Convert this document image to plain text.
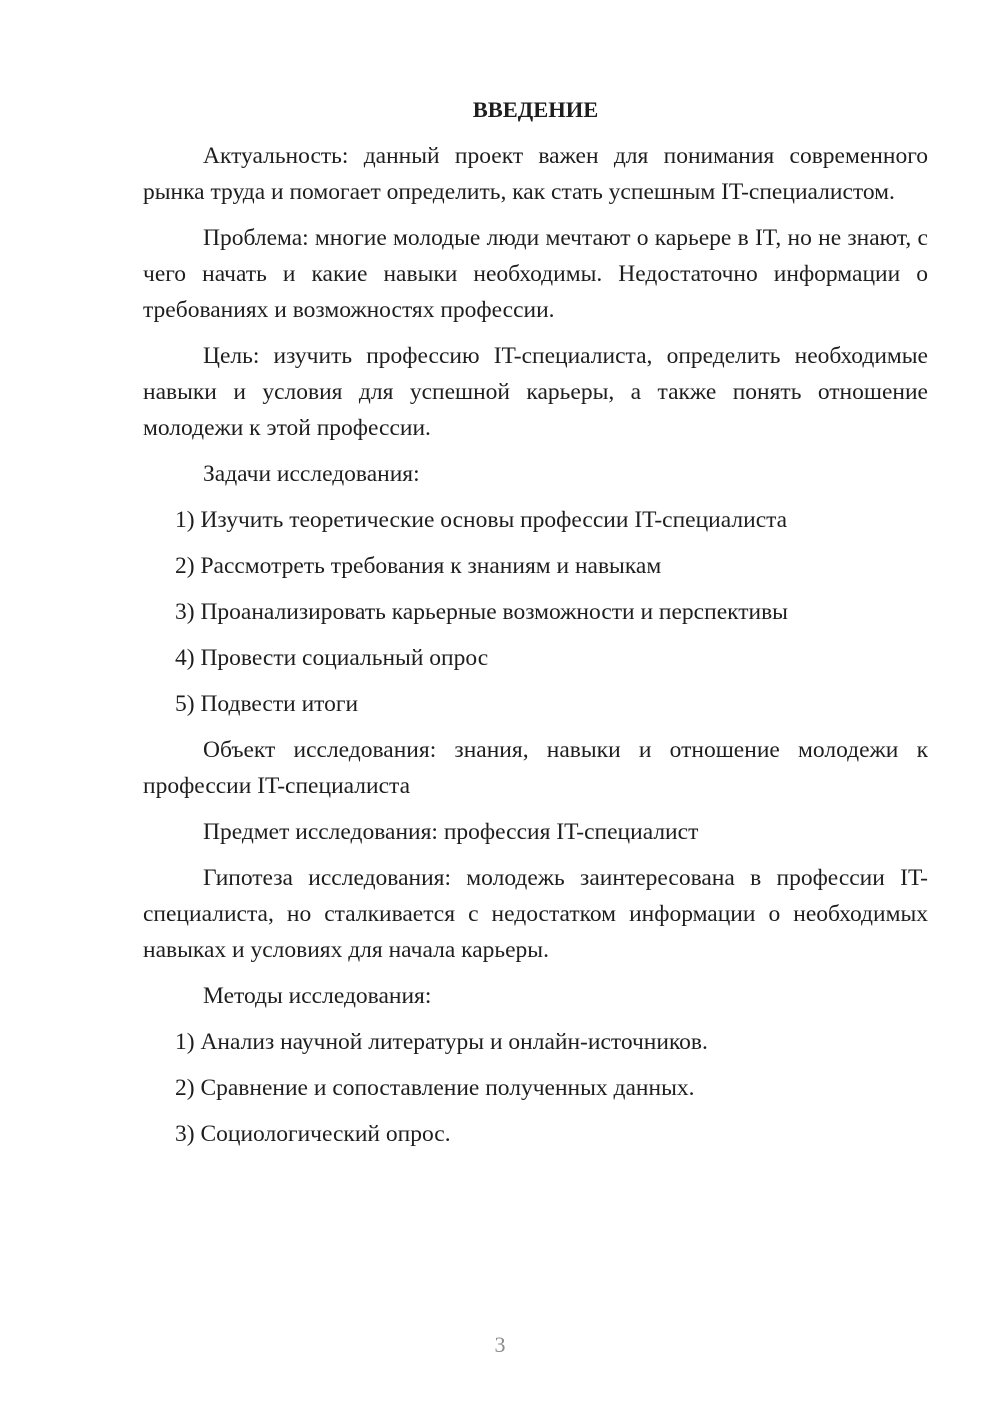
ВВЕДЕНИЕ

Актуальность: данный проект важен для понимания современного рынка труда и помогает определить, как стать успешным IT-специалистом.

Проблема: многие молодые люди мечтают о карьере в IT, но не знают, с чего начать и какие навыки необходимы. Недостаточно информации о требованиях и возможностях профессии.

Цель: изучить профессию IT-специалиста, определить необходимые навыки и условия для успешной карьеры, а также понять отношение молодежи к этой профессии.

Задачи исследования:

1) Изучить теоретические основы профессии IT-специалиста
2) Рассмотреть требования к знаниям и навыкам
3) Проанализировать карьерные возможности и перспективы
4) Провести социальный опрос
5) Подвести итоги

Объект исследования: знания, навыки и отношение молодежи к профессии IT-специалиста

Предмет исследования: профессия IT-специалист

Гипотеза исследования: молодежь заинтересована в профессии IT-специалиста, но сталкивается с недостатком информации о необходимых навыках и условиях для начала карьеры.

Методы исследования:

1) Анализ научной литературы и онлайн-источников.
2) Сравнение и сопоставление полученных данных.
3) Социологический опрос.
3
